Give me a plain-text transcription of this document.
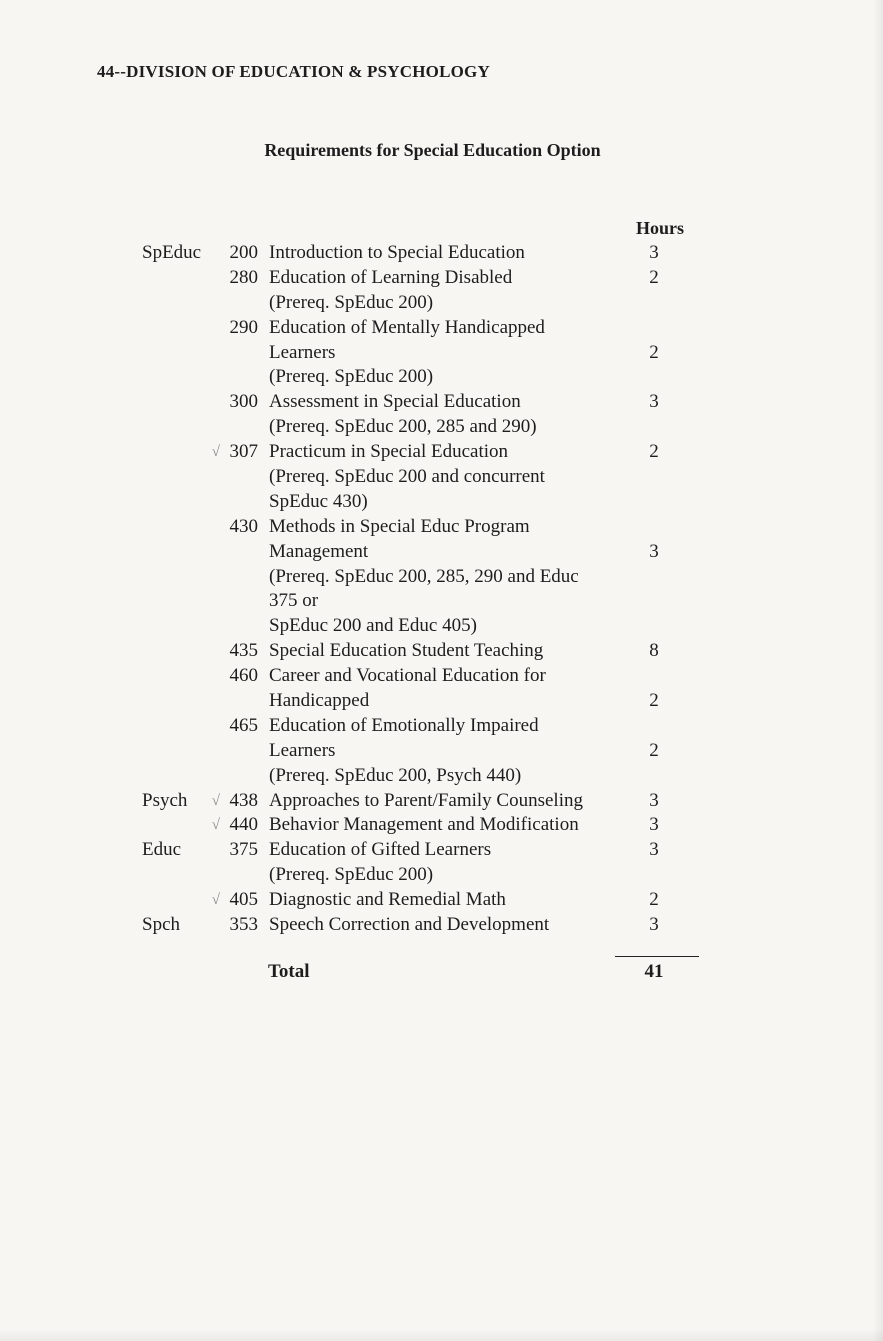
44--DIVISION OF EDUCATION & PSYCHOLOGY
Requirements for Special Education Option
Hours
SpEduc	200 Introduction to Special Education	3
280 Education of Learning Disabled	2
(Prereq. SpEduc 200)
290 Education of Mentally Handicapped
Learners	2
(Prereq. SpEduc 200)
300 Assessment in Special Education	3
(Prereq. SpEduc 200, 285 and 290)
√ 307 Practicum in Special Education	2
(Prereq. SpEduc 200 and concurrent
SpEduc 430)
430 Methods in Special Educ Program
Management	3
(Prereq. SpEduc 200, 285, 290 and Educ
375 or
SpEduc 200 and Educ 405)
435 Special Education Student Teaching	8
460 Career and Vocational Education for
Handicapped	2
465 Education of Emotionally Impaired
Learners	2
(Prereq. SpEduc 200, Psych 440)
Psych	√ 438 Approaches to Parent/Family Counseling	3
√ 440 Behavior Management and Modification	3
Educ	375 Education of Gifted Learners	3
(Prereq. SpEduc 200)
√ 405 Diagnostic and Remedial Math	2
Spch	353 Speech Correction and Development	3
Total	41
